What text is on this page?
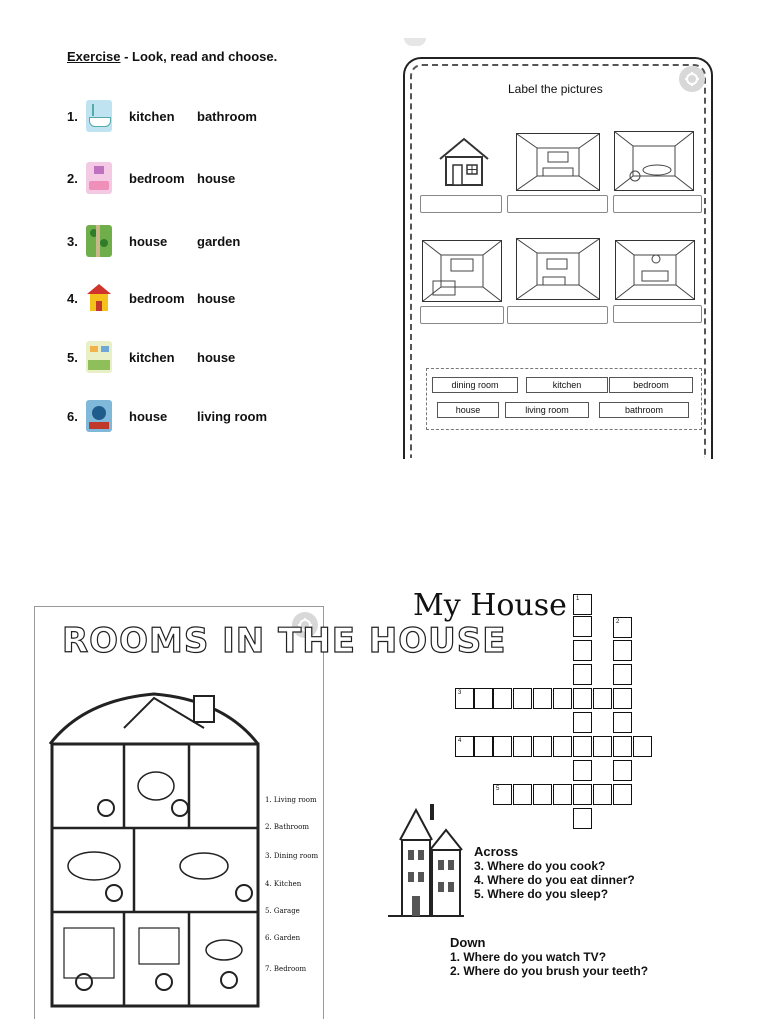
Exercise - Look, read and choose.
1.	kitchen	bathroom
2.	bedroom house
3.	house	garden
4.	bedroom house
5.	kitchen	house
6.	house	living room
Label the pictures
dining room	kitchen	bedroom
house	living room	bathroom
ROOMS IN THE HOUSE
1. Living room
2. Bathroom
3. Dining room
4. Kitchen
5. Garage
6. Garden
7. Bedroom
My House 1
2
3
4
5
Across
3. Where do you cook?
4. Where do you eat dinner?
5. Where do you sleep?
Down
1. Where do you watch TV?
2. Where do you brush your teeth?
